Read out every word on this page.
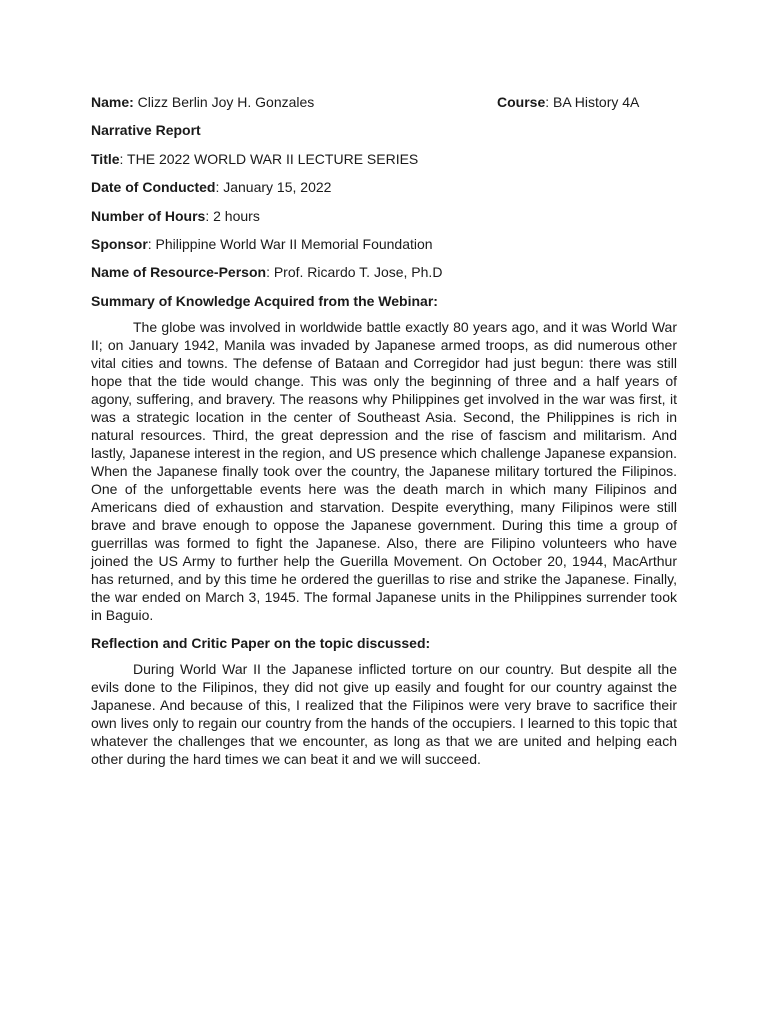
Name: Clizz Berlin Joy H. Gonzales	Course: BA History 4A
Narrative Report
Title: THE 2022 WORLD WAR II LECTURE SERIES
Date of Conducted: January 15, 2022
Number of Hours: 2 hours
Sponsor: Philippine World War II Memorial Foundation
Name of Resource-Person: Prof. Ricardo T. Jose, Ph.D
Summary of Knowledge Acquired from the Webinar:

The globe was involved in worldwide battle exactly 80 years ago, and it was World War II; on January 1942, Manila was invaded by Japanese armed troops, as did numerous other vital cities and towns. The defense of Bataan and Corregidor had just begun: there was still hope that the tide would change. This was only the beginning of three and a half years of agony, suffering, and bravery. The reasons why Philippines get involved in the war was first, it was a strategic location in the center of Southeast Asia. Second, the Philippines is rich in natural resources. Third, the great depression and the rise of fascism and militarism. And lastly, Japanese interest in the region, and US presence which challenge Japanese expansion. When the Japanese finally took over the country, the Japanese military tortured the Filipinos. One of the unforgettable events here was the death march in which many Filipinos and Americans died of exhaustion and starvation. Despite everything, many Filipinos were still brave and brave enough to oppose the Japanese government. During this time a group of guerrillas was formed to fight the Japanese. Also, there are Filipino volunteers who have joined the US Army to further help the Guerilla Movement. On October 20, 1944, MacArthur has returned, and by this time he ordered the guerillas to rise and strike the Japanese. Finally, the war ended on March 3, 1945. The formal Japanese units in the Philippines surrender took in Baguio.

Reflection and Critic Paper on the topic discussed:

During World War II the Japanese inflicted torture on our country. But despite all the evils done to the Filipinos, they did not give up easily and fought for our country against the Japanese. And because of this, I realized that the Filipinos were very brave to sacrifice their own lives only to regain our country from the hands of the occupiers. I learned to this topic that whatever the challenges that we encounter, as long as that we are united and helping each other during the hard times we can beat it and we will succeed.
